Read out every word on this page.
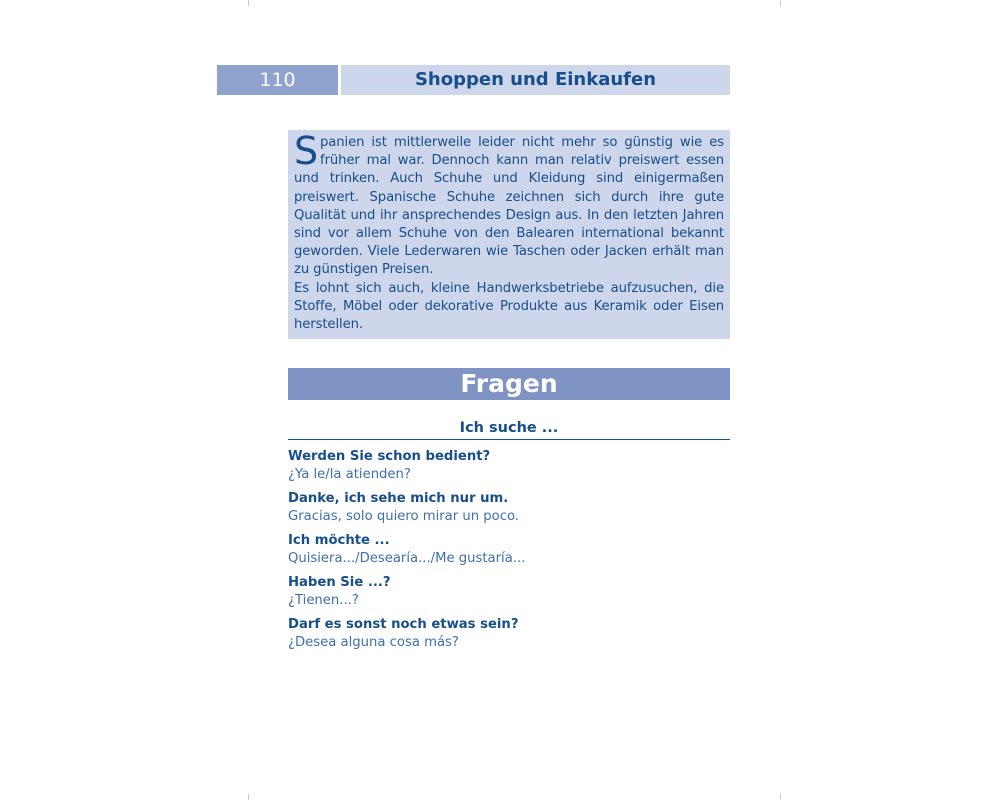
110	Shoppen und Einkaufen

Spanien ist mittlerweile leider nicht mehr so günstig wie es früher mal war. Dennoch kann man relativ preiswert essen und trinken. Auch Schuhe und Kleidung sind einigermaßen preiswert. Spanische Schuhe zeichnen sich durch ihre gute Qualität und ihr ansprechendes Design aus. In den letzten Jahren sind vor allem Schuhe von den Balearen international bekannt geworden. Viele Lederwaren wie Taschen oder Jacken erhält man zu günstigen Preisen.

Es lohnt sich auch, kleine Handwerksbetriebe aufzusuchen, die Stoffe, Möbel oder dekorative Produkte aus Keramik oder Eisen herstellen.

Fragen
Ich suche ...
Werden Sie schon bedient?
¿Ya le/la atienden?
Danke, ich sehe mich nur um.
Gracias, solo quiero mirar un poco.
Ich möchte ...
Quisiera.../Desearía.../Me gustaría...
Haben Sie ...?
¿Tienen...?
Darf es sonst noch etwas sein?
¿Desea alguna cosa más?
